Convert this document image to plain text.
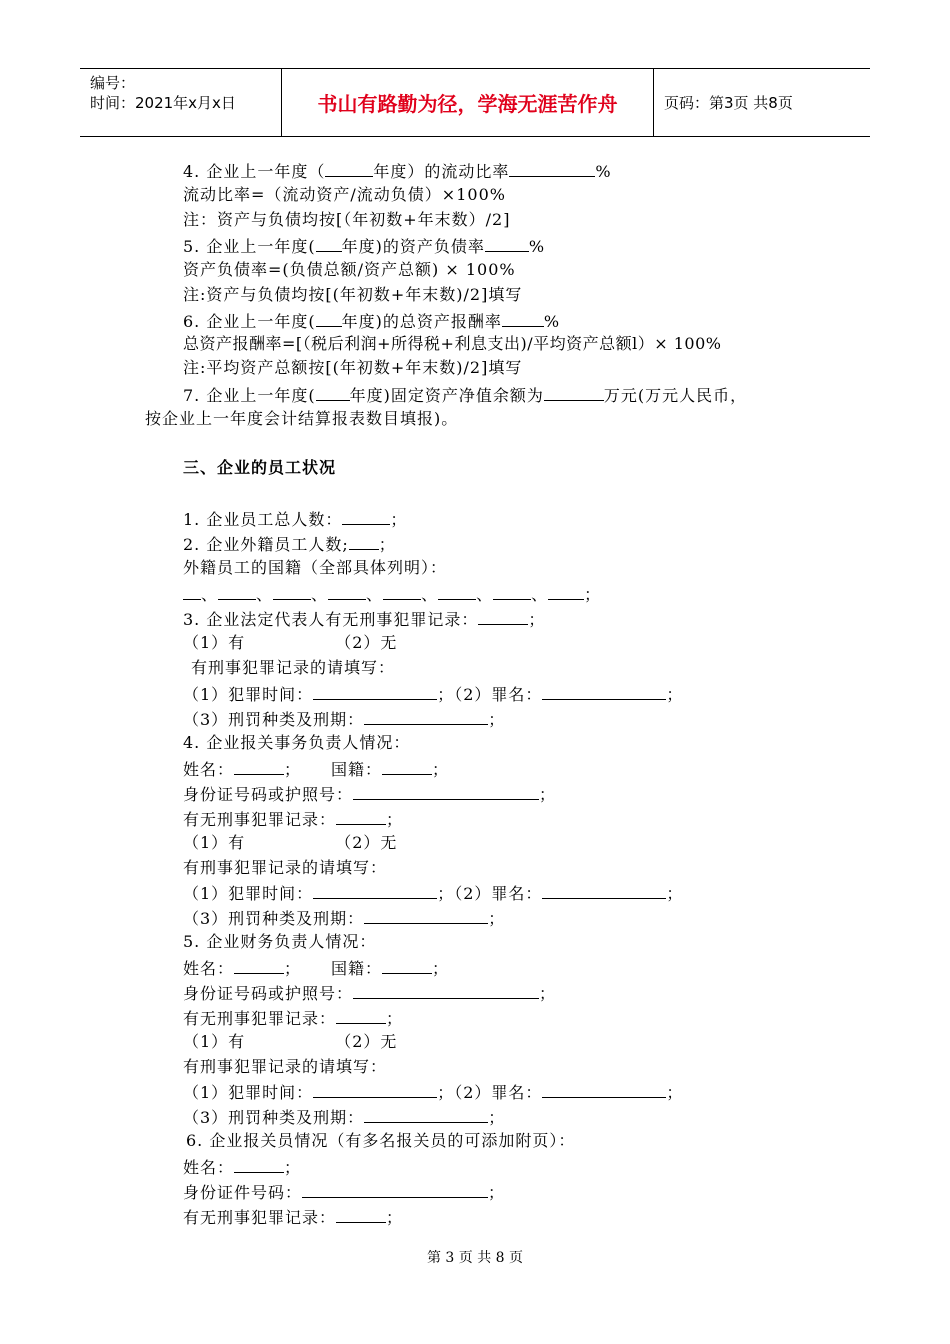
编号：
时间：2021年x月x日	书山有路勤为径，学海无涯苦作舟	页码：第3页 共8页
4. 企业上一年度（	年度）的流动比率	%
流动比率=（流动资产/流动负债）×100%
注：资产与负债均按[（年初数+年末数）/2]
5. 企业上一年度( 年度)的资产负债率	%
资产负债率=(负债总额/资产总额) × 100%
注:资产与负债均按[(年初数+年末数)/2]填写
6. 企业上一年度( 年度)的总资产报酬率	%
总资产报酬率=[（税后利润+所得税+利息支出)/平均资产总额l）× 100%
注:平均资产总额按[(年初数+年末数)/2]填写
7. 企业上一年度( 年度)固定资产净值余额为	万元(万元人民币，
按企业上一年度会计结算报表数目填报)。
三、企业的员工状况
1. 企业员工总人数：	；
2. 企业外籍员工人数; ；
外籍员工的国籍（全部具体列明）：
、 、 、 、 、 、 、 ；
3. 企业法定代表人有无刑事犯罪记录：	；
（1）有	（2）无
有刑事犯罪记录的请填写：
（1）犯罪时间：	；（2）罪名：	；
（3）刑罚种类及刑期：	；
4. 企业报关事务负责人情况：
姓名：	； 国籍：	；
身份证号码或护照号：	；
有无刑事犯罪记录：	；
（1）有	（2）无
有刑事犯罪记录的请填写：
（1）犯罪时间：	；（2）罪名：	；
（3）刑罚种类及刑期：	；
5. 企业财务负责人情况：
姓名：	； 国籍：	；
身份证号码或护照号：	；
有无刑事犯罪记录：	；
（1）有	（2）无
有刑事犯罪记录的请填写：
（1）犯罪时间：	；（2）罪名：	；
（3）刑罚种类及刑期：	；
6. 企业报关员情况（有多名报关员的可添加附页）：
姓名：	；
身份证件号码：	；
有无刑事犯罪记录：	；
第 3 页 共 8 页
